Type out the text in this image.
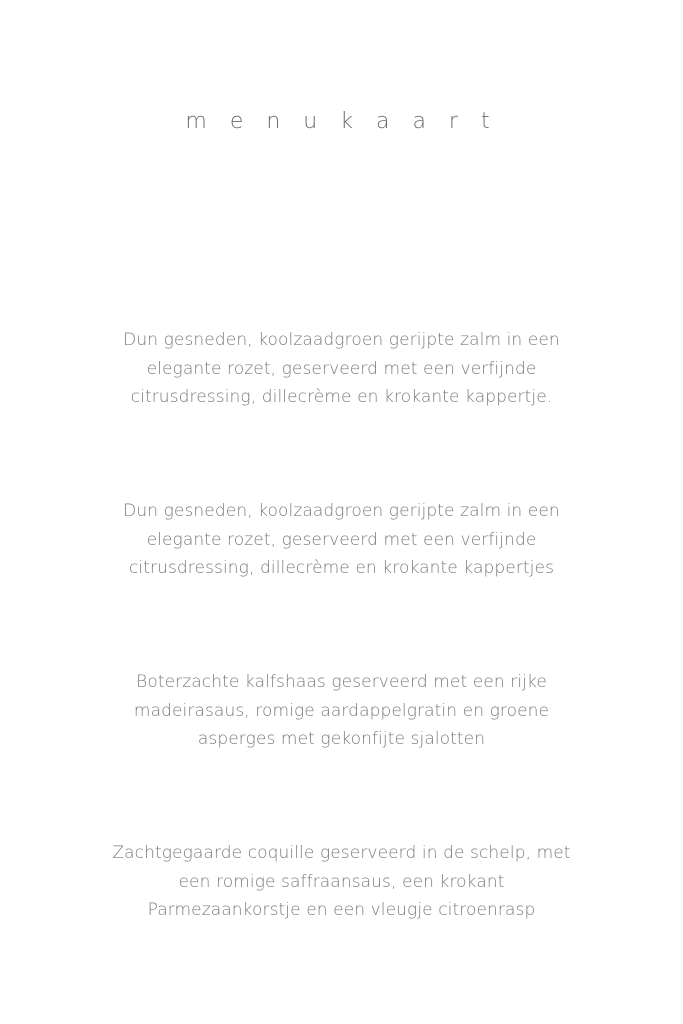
m e n u k a a r t
Dun gesneden, koolzaadgroen gerijpte zalm in een
elegante rozet, geserveerd met een verfijnde
citrusdressing, dillecrème en krokante kappertje.
Dun gesneden, koolzaadgroen gerijpte zalm in een
elegante rozet, geserveerd met een verfijnde
citrusdressing, dillecrème en krokante kappertjes
Boterzachte kalfshaas geserveerd met een rijke
madeirasaus, romige aardappelgratin en groene
asperges met gekonfijte sjalotten
Zachtgegaarde coquille geserveerd in de schelp, met
een romige saffraansaus, een krokant
Parmezaankorstje en een vleugje citroenrasp
